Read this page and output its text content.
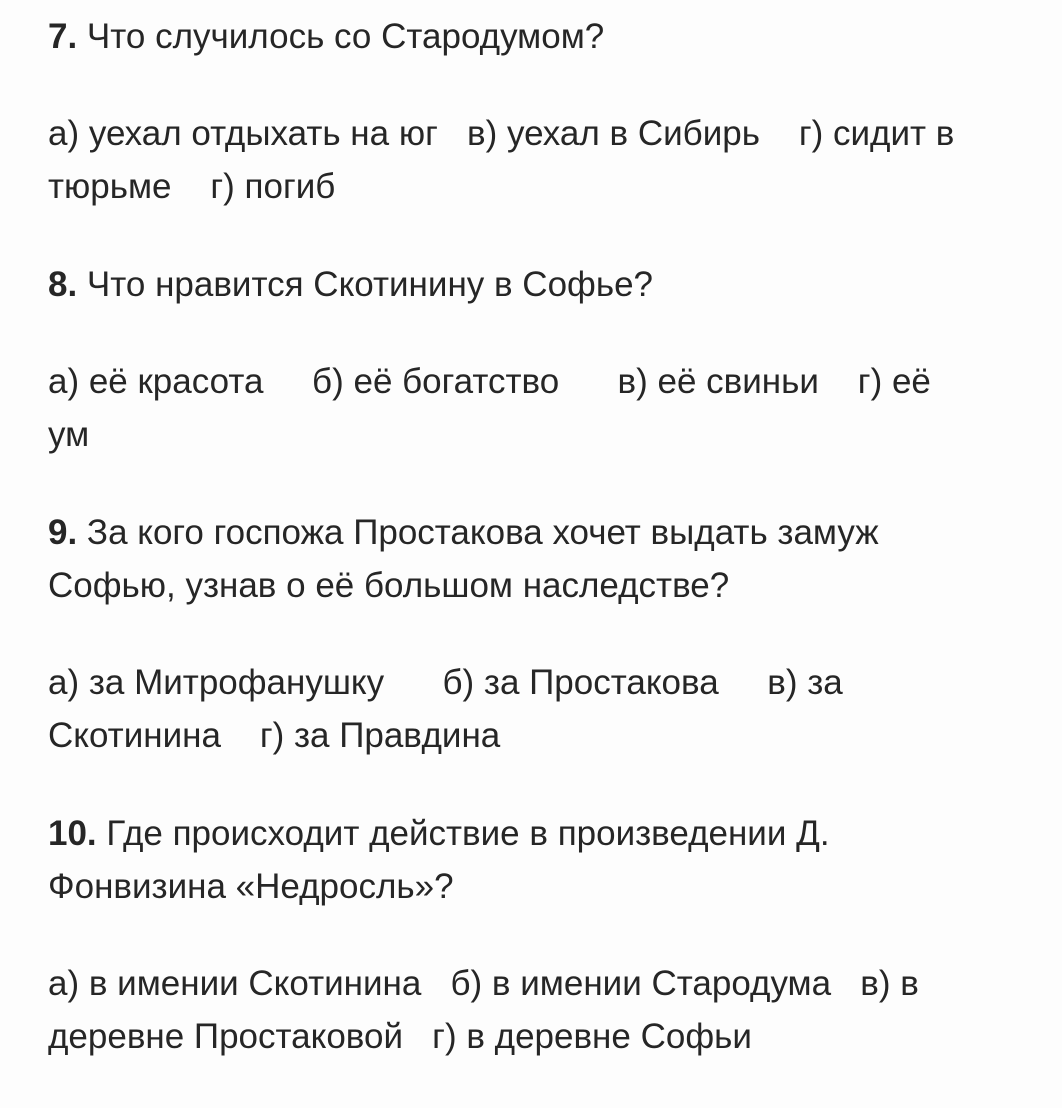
7. Что случилось со Стародумом?

а) уехал отдыхать на юг   в) уехал в Сибирь    г) сидит в
тюрьме    г) погиб

8. Что нравится Скотинину в Софье?

а) её красота     б) её богатство      в) её свиньи    г) её
ум

9. За кого госпожа Простакова хочет выдать замуж
Софью, узнав о её большом наследстве?

а) за Митрофанушку      б) за Простакова     в) за
Скотинина    г) за Правдина

10. Где происходит действие в произведении Д.
Фонвизина «Недросль»?

а) в имении Скотинина   б) в имении Стародума   в) в
деревне Простаковой   г) в деревне Софьи
